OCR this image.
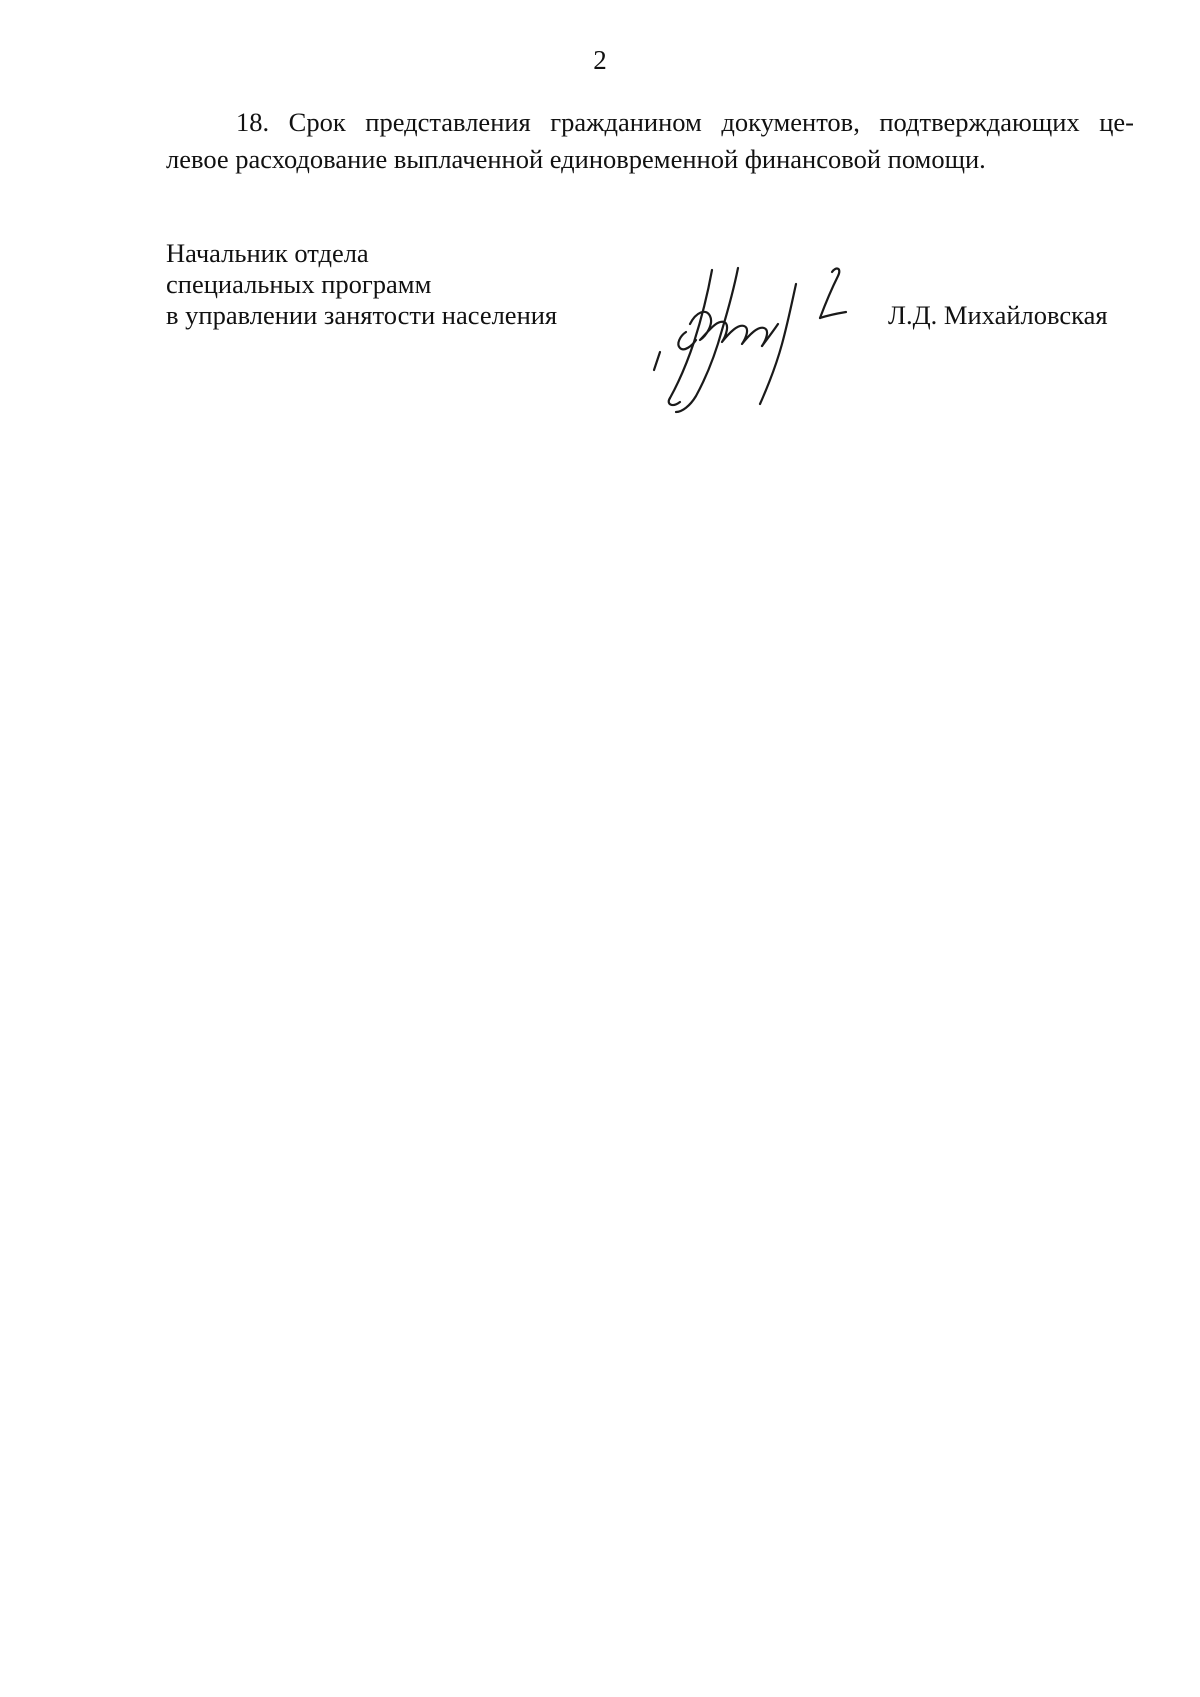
2
18. Срок представления гражданином документов, подтверждающих це-
левое расходование выплаченной единовременной финансовой помощи.
Начальник отдела
специальных программ
в управлении занятости населения	Л.Д. Михайловская
